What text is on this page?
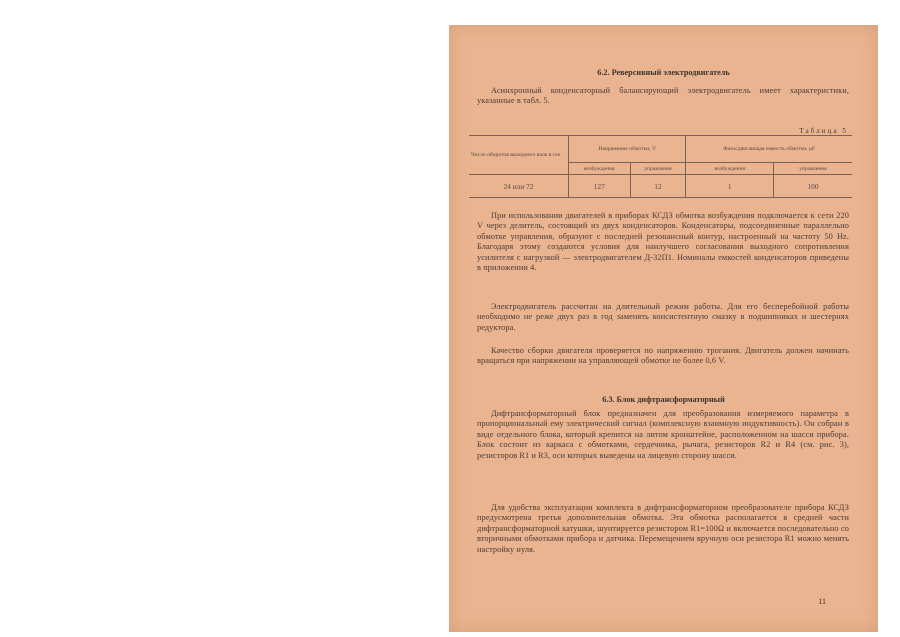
6.2. Реверсивный электродвигатель

Асинхронный конденсаторный балансирующий электродвигатель имеет характеристики, указанные в табл. 5.

Таблица 5
Число оборотов выходного вала в сек	Напряжение обмотки, V		Фазосдвигающая емкость обмотки, μF	
	возбуждения	управления	возбуждения	управления
24 или 72	127	12	1	100

При использовании двигателей в приборах КСДЗ обмотка возбуждения подключается к сети 220 V через делитель, состоящий из двух конденсаторов. Конденсаторы, подсоединенные параллельно обмотке управления, образуют с последней резонансный контур, настроенный на частоту 50 Hz. Благодаря этому создаются условия для наилучшего согласования выходного сопротивления усилителя с нагрузкой — электродвигателем Д-32П1. Номиналы емкостей конденсаторов приведены в приложении 4.

Электродвигатель рассчитан на длительный режим работы. Для его бесперебойной работы необходимо не реже двух раз в год заменять консистентную смазку в подшипниках и шестернях редуктора.

Качество сборки двигателя проверяется по напряжению трогания. Двигатель должен начинать вращаться при напряжении на управляющей обмотке не более 0,6 V.

6.3. Блок дифтрансформаторный

Дифтрансформаторный блок предназначен для преобразования измеряемого параметра в пропорциональный ему электрический сигнал (комплексную взаимную индуктивность). Он собран в виде отдельного блока, который крепится на литом кронштейне, расположенном на шасси прибора. Блок состоит из каркаса с обмотками, сердечника, рычага, резисторов R2 и R4 (см. рис. 3), резисторов R1 и R3, оси которых выведены на лицевую сторону шасси.

Для удобства эксплуатации комплекта в дифтрансформаторном преобразователе прибора КСДЗ предусмотрена третья дополнительная обмотка. Эта обмотка располагается в средней части дифтрансформаторной катушки, шунтируется резистором R1=100Ω и включается последовательно со вторичными обмотками прибора и датчика. Перемещением вручную оси резистора R1 можно менять настройку нуля.

11
